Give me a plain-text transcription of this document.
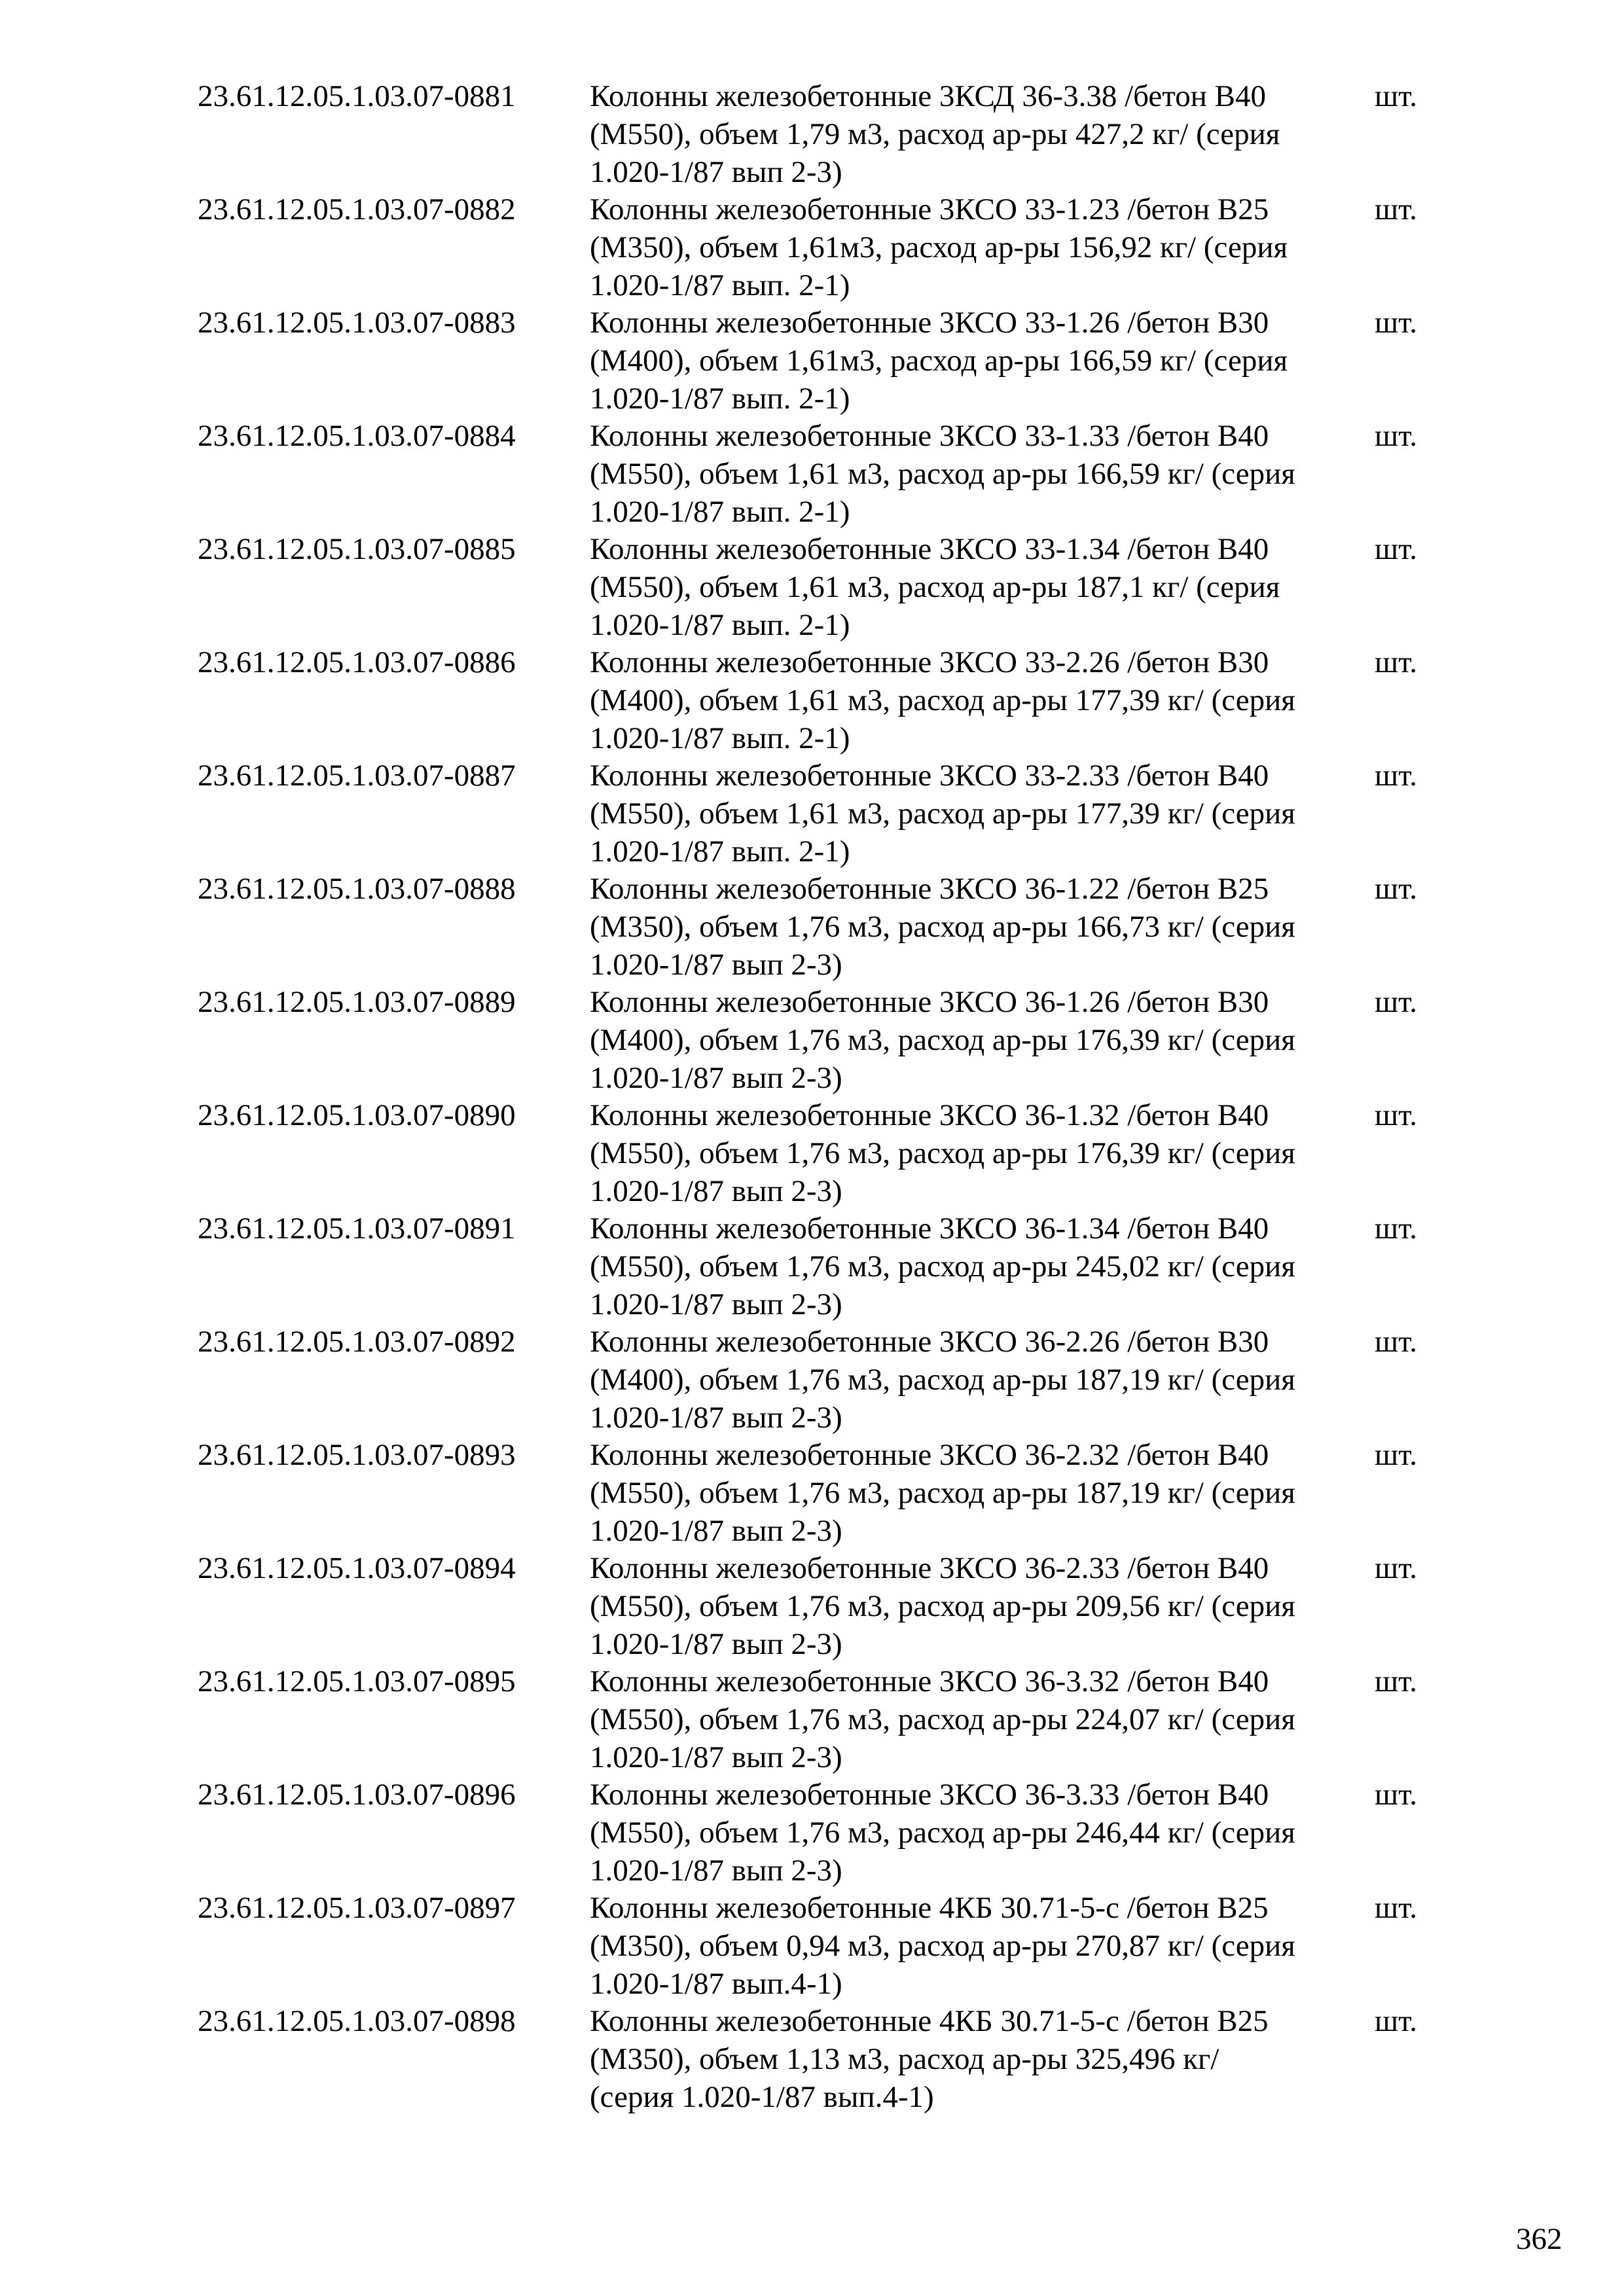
23.61.12.05.1.03.07-0881 Колонны железобетонные 3КСД 36-3.38 /бетон В40
(М550), объем 1,79 м3, расход ар-ры 427,2 кг/ (серия
1.020-1/87 вып 2-3)
шт.
23.61.12.05.1.03.07-0882 Колонны железобетонные 3КСО 33-1.23 /бетон В25
(М350), объем 1,61м3, расход ар-ры 156,92 кг/ (серия
1.020-1/87 вып. 2-1)
шт.
23.61.12.05.1.03.07-0883 Колонны железобетонные 3КСО 33-1.26 /бетон В30
(М400), объем 1,61м3, расход ар-ры 166,59 кг/ (серия
1.020-1/87 вып. 2-1)
шт.
23.61.12.05.1.03.07-0884 Колонны железобетонные 3КСО 33-1.33 /бетон В40
(М550), объем 1,61 м3, расход ар-ры 166,59 кг/ (серия
1.020-1/87 вып. 2-1)
шт.
23.61.12.05.1.03.07-0885 Колонны железобетонные 3КСО 33-1.34 /бетон В40
(М550), объем 1,61 м3, расход ар-ры 187,1 кг/ (серия
1.020-1/87 вып. 2-1)
шт.
23.61.12.05.1.03.07-0886 Колонны железобетонные 3КСО 33-2.26 /бетон В30
(М400), объем 1,61 м3, расход ар-ры 177,39 кг/ (серия
1.020-1/87 вып. 2-1)
шт.
23.61.12.05.1.03.07-0887 Колонны железобетонные 3КСО 33-2.33 /бетон В40
(М550), объем 1,61 м3, расход ар-ры 177,39 кг/ (серия
1.020-1/87 вып. 2-1)
шт.
23.61.12.05.1.03.07-0888 Колонны железобетонные 3КСО 36-1.22 /бетон В25
(М350), объем 1,76 м3, расход ар-ры 166,73 кг/ (серия
1.020-1/87 вып 2-3)
шт.
23.61.12.05.1.03.07-0889 Колонны железобетонные 3КСО 36-1.26 /бетон В30
(М400), объем 1,76 м3, расход ар-ры 176,39 кг/ (серия
1.020-1/87 вып 2-3)
шт.
23.61.12.05.1.03.07-0890 Колонны железобетонные 3КСО 36-1.32 /бетон В40
(М550), объем 1,76 м3, расход ар-ры 176,39 кг/ (серия
1.020-1/87 вып 2-3)
шт.
23.61.12.05.1.03.07-0891 Колонны железобетонные 3КСО 36-1.34 /бетон В40
(М550), объем 1,76 м3, расход ар-ры 245,02 кг/ (серия
1.020-1/87 вып 2-3)
шт.
23.61.12.05.1.03.07-0892 Колонны железобетонные 3КСО 36-2.26 /бетон В30
(М400), объем 1,76 м3, расход ар-ры 187,19 кг/ (серия
1.020-1/87 вып 2-3)
шт.
23.61.12.05.1.03.07-0893 Колонны железобетонные 3КСО 36-2.32 /бетон В40
(М550), объем 1,76 м3, расход ар-ры 187,19 кг/ (серия
1.020-1/87 вып 2-3)
шт.
23.61.12.05.1.03.07-0894 Колонны железобетонные 3КСО 36-2.33 /бетон В40
(М550), объем 1,76 м3, расход ар-ры 209,56 кг/ (серия
1.020-1/87 вып 2-3)
шт.
23.61.12.05.1.03.07-0895 Колонны железобетонные 3КСО 36-3.32 /бетон В40
(М550), объем 1,76 м3, расход ар-ры 224,07 кг/ (серия
1.020-1/87 вып 2-3)
шт.
23.61.12.05.1.03.07-0896 Колонны железобетонные 3КСО 36-3.33 /бетон В40
(М550), объем 1,76 м3, расход ар-ры 246,44 кг/ (серия
1.020-1/87 вып 2-3)
шт.
23.61.12.05.1.03.07-0897 Колонны железобетонные 4КБ 30.71-5-с /бетон В25
(М350), объем 0,94 м3, расход ар-ры 270,87 кг/ (серия
1.020-1/87 вып.4-1)
шт.
23.61.12.05.1.03.07-0898 Колонны железобетонные 4КБ 30.71-5-с /бетон В25
(М350), объем 1,13 м3, расход ар-ры 325,496 кг/
(серия 1.020-1/87 вып.4-1)
шт.
362
